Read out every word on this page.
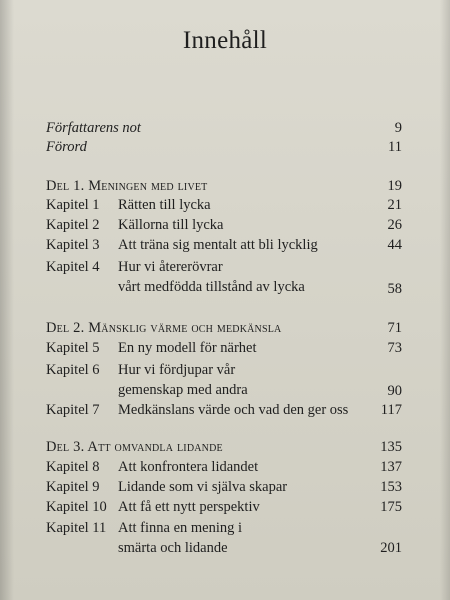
Innehåll
Författarens not	9
Förord	11
Del 1. Meningen med livet	19
Kapitel 1 Rätten till lycka	21
Kapitel 2 Källorna till lycka	26
Kapitel 3 Att träna sig mentalt att bli lycklig	44
Kapitel 4 Hur vi återerövrar
vårt medfödda tillstånd av lycka	58
Del 2. Mänsklig värme och medkänsla	71
Kapitel 5 En ny modell för närhet	73
Kapitel 6 Hur vi fördjupar vår
gemenskap med andra	90
Kapitel 7 Medkänslans värde och vad den ger oss 117
Del 3. Att omvandla lidande	135
Kapitel 8 Att konfrontera lidandet	137
Kapitel 9 Lidande som vi själva skapar	153
Kapitel 10 Att få ett nytt perspektiv	175
Kapitel 11 Att finna en mening i
smärta och lidande	201
